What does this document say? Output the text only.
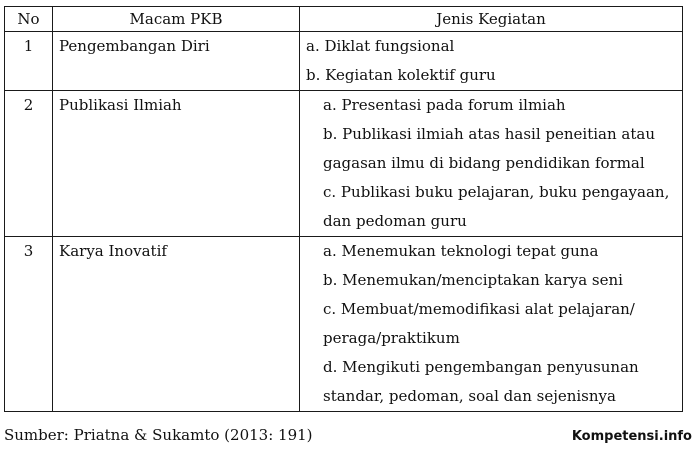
No	Macam PKB	Jenis Kegiatan
1	Pengembangan Diri	a. Diklat fungsional
b. Kegiatan kolektif guru

2	Publikasi Ilmiah	a. Presentasi pada forum ilmiah
b. Publikasi ilmiah atas hasil peneitian atau gagasan ilmu di bidang pendidikan formal
c. Publikasi buku pelajaran, buku pengayaan, dan pedoman guru

3	Karya Inovatif	a. Menemukan teknologi tepat guna
b. Menemukan/menciptakan karya seni
c. Membuat/memodifikasi alat pelajaran/ peraga/praktikum
d. Mengikuti pengembangan penyusunan standar, pedoman, soal dan sejenisnya
Sumber: Priatna & Sukamto (2013: 191)	Kompetensi.info
